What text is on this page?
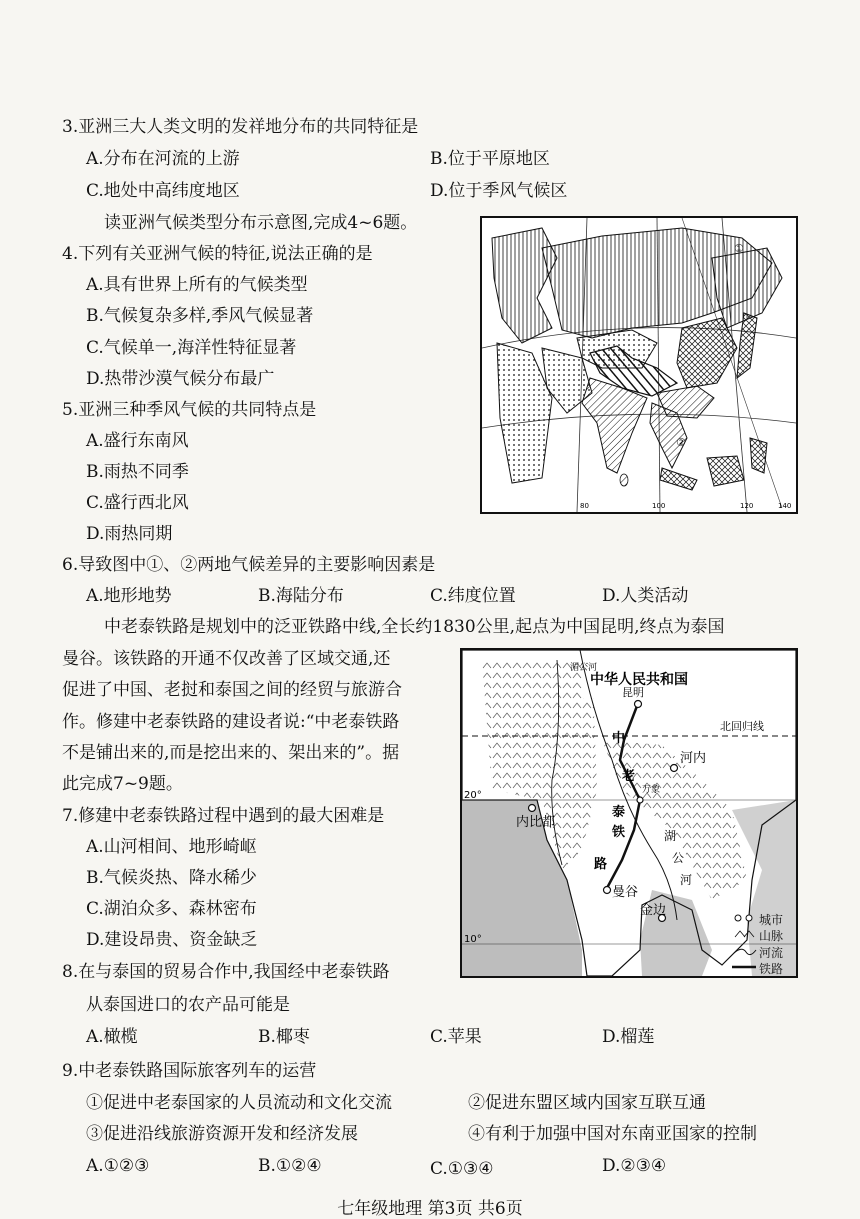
3.亚洲三大人类文明的发祥地分布的共同特征是
A.分布在河流的上游	B.位于平原地区
C.地处中高纬度地区	D.位于季风气候区
读亚洲气候类型分布示意图,完成4~6题。
4.下列有关亚洲气候的特征,说法正确的是
A.具有世界上所有的气候类型
B.气候复杂多样,季风气候显著
C.气候单一,海洋性特征显著
D.热带沙漠气候分布最广
5.亚洲三种季风气候的共同特点是
A.盛行东南风
B.雨热不同季
C.盛行西北风
D.雨热同期
①
②
80	100	120	140
6.导致图中①、②两地气候差异的主要影响因素是
A.地形地势	B.海陆分布	C.纬度位置	D.人类活动
中老泰铁路是规划中的泛亚铁路中线,全长约1830公里,起点为中国昆明,终点为泰国
曼谷。该铁路的开通不仅改善了区域交通,还
促进了中国、老挝和泰国之间的经贸与旅游合
作。修建中老泰铁路的建设者说:“中老泰铁路
不是铺出来的,而是挖出来的、架出来的”。据
此完成7~9题。
7.修建中老泰铁路过程中遇到的最大困难是
A.山河相间、地形崎岖
B.气候炎热、降水稀少
C.湖泊众多、森林密布
D.建设昂贵、资金缺乏
中华人民共和国
北回归线
20°
10°
湄公河
中
老
泰
铁
路
湖
公
河
昆明
河内
内比都
万象
曼谷
金边
城市
山脉
河流
铁路
8.在与泰国的贸易合作中,我国经中老泰铁路
从泰国进口的农产品可能是
A.橄榄	B.椰枣	C.苹果	D.榴莲
9.中老泰铁路国际旅客列车的运营
①促进中老泰国家的人员流动和文化交流	②促进东盟区域内国家互联互通
③促进沿线旅游资源开发和经济发展	④有利于加强中国对东南亚国家的控制
A.①②③	B.①②④	C.①③④	D.②③④
七年级地理 第3页 共6页
